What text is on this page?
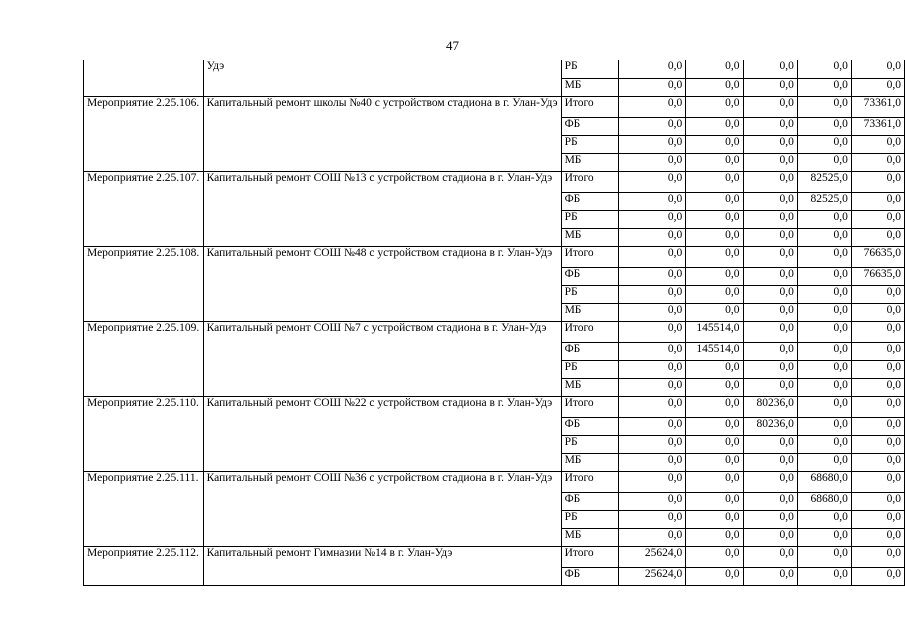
47
	Удэ	РБ	0,0	0,0	0,0	0,0	0,0
		МБ	0,0	0,0	0,0	0,0	0,0
Мероприятие 2.25.106.	Капитальный ремонт школы №40 с устройством стадиона в г. Улан-Удэ	Итого	0,0	0,0	0,0	0,0	73361,0
		ФБ	0,0	0,0	0,0	0,0	73361,0
		РБ	0,0	0,0	0,0	0,0	0,0
		МБ	0,0	0,0	0,0	0,0	0,0
Мероприятие 2.25.107.	Капитальный ремонт СОШ №13 с устройством стадиона в г. Улан-Удэ	Итого	0,0	0,0	0,0	82525,0	0,0
		ФБ	0,0	0,0	0,0	82525,0	0,0
		РБ	0,0	0,0	0,0	0,0	0,0
		МБ	0,0	0,0	0,0	0,0	0,0
Мероприятие 2.25.108.	Капитальный ремонт СОШ №48 с устройством стадиона в г. Улан-Удэ	Итого	0,0	0,0	0,0	0,0	76635,0
		ФБ	0,0	0,0	0,0	0,0	76635,0
		РБ	0,0	0,0	0,0	0,0	0,0
		МБ	0,0	0,0	0,0	0,0	0,0
Мероприятие 2.25.109.	Капитальный ремонт СОШ №7 с устройством стадиона в г. Улан-Удэ	Итого	0,0	145514,0	0,0	0,0	0,0
		ФБ	0,0	145514,0	0,0	0,0	0,0
		РБ	0,0	0,0	0,0	0,0	0,0
		МБ	0,0	0,0	0,0	0,0	0,0
Мероприятие 2.25.110.	Капитальный ремонт СОШ №22 с устройством стадиона в г. Улан-Удэ	Итого	0,0	0,0	80236,0	0,0	0,0
		ФБ	0,0	0,0	80236,0	0,0	0,0
		РБ	0,0	0,0	0,0	0,0	0,0
		МБ	0,0	0,0	0,0	0,0	0,0
Мероприятие 2.25.111.	Капитальный ремонт СОШ №36 с устройством стадиона в г. Улан-Удэ	Итого	0,0	0,0	0,0	68680,0	0,0
		ФБ	0,0	0,0	0,0	68680,0	0,0
		РБ	0,0	0,0	0,0	0,0	0,0
		МБ	0,0	0,0	0,0	0,0	0,0
Мероприятие 2.25.112.	Капитальный ремонт Гимназии №14 в г. Улан-Удэ	Итого	25624,0	0,0	0,0	0,0	0,0
		ФБ	25624,0	0,0	0,0	0,0	0,0
